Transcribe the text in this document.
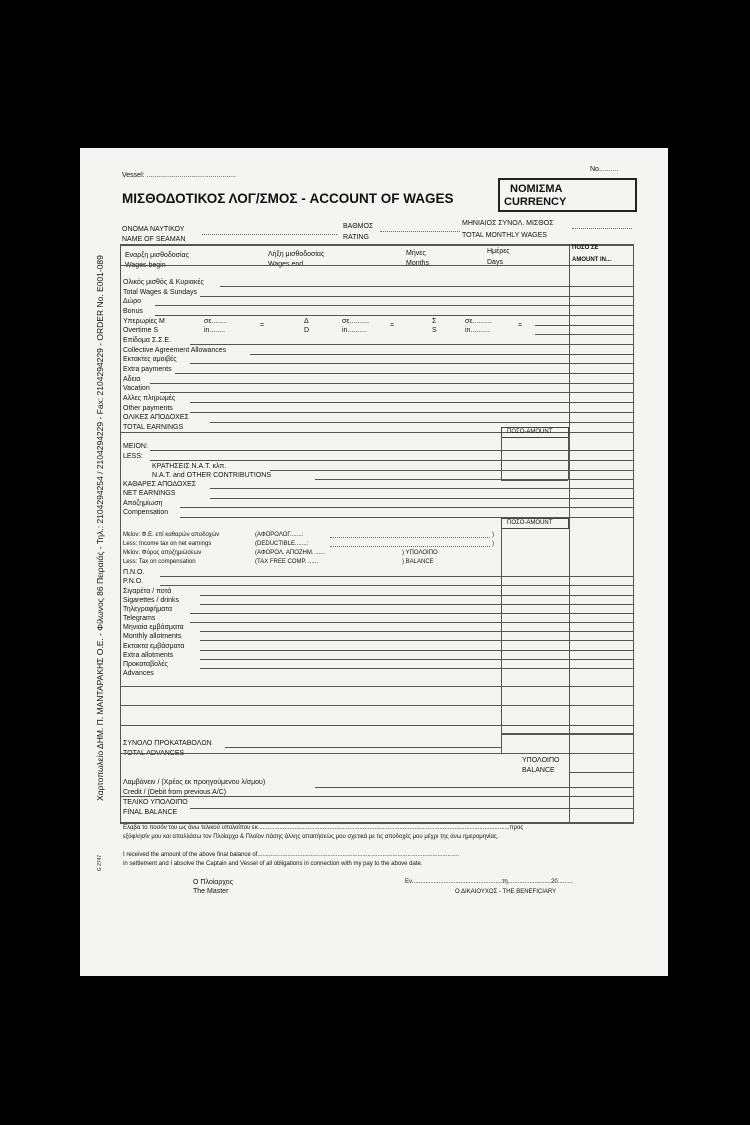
Χαρτοπωλείο ΔΗΜ. Π. ΜΑΝΤΑΡΑΚΗΣ Ο.Ε. - Φίλωνος 86 Πειραιάς - Τηλ.: 2104294254 / 2104294229 - Fax: 2104294229 - ORDER No. E001-089
G 2747
No..........
Vessel: ..............................................
ΜΙΣΘΟΔΟΤΙΚΟΣ ΛΟΓ/ΣΜΟΣ - ACCOUNT OF WAGES
ΝΟΜΙΣΜΑ
CURRENCY
ΟΝΟΜΑ ΝΑΥΤΙΚΟΥ
NAME OF SEAMAN
ΒΑΘΜΟΣ
RATING
ΜΗΝΙΑΙΟΣ ΣΥΝΟΛ. ΜΙΣΘΟΣ
TOTAL MONTHLY WAGES
Εναρξη μισθοδοσίας
Wages begin
Λήξη μισθοδοσίας
Wages end
Μήνες
Months
Ημέρες
Days
ΠΟΣΟ ΣΕ
AMOUNT IN...
Ολικός μισθός & Κυριακές
Total Wages & Sundays
Δώρο
Bonus
Υπερωρίες Μ
Overtime S
Επίδομα Σ.Σ.Ε.
Collective Agreement Allowances
Εκτακτες αμοιβές
Extra payments
Αδεια
Vacation
Αλλες πληρωμές
Other payments
ΟΛΙΚΕΣ ΑΠΟΔΟΧΕΣ
TOTAL EARNINGS
σε........
in........
=
Δ
D
σε..........
in..........
=
Σ
S
σε..........
in..........
=
ΠΟΣΟ-AMOUNT
ΜΕΙΟΝ:
LESS:
ΚΡΑΤΗΣΕΙΣ Ν.Α.Τ. κλπ.
N.A.T. and OTHER CONTRIBUTIONS
ΚΑΘΑΡΕΣ ΑΠΟΔΟΧΕΣ
NET EARNINGS
Αποζημίωση
Compensation
ΠΟΣΟ-AMOUNT
Μείον: Φ.Ε. επί καθαρών αποδοχών
Less: Income tax on net earnings
Μείον: Φόρος αποζημιώσεων
Less: Tax on compensation
(ΑΦΟΡΟΛΟΓ.......:
(DEDUCTIBLE.......:
(ΑΦΟΡΟΛ. ΑΠΟΖΗΜ. ......
(TAX FREE COMP. ......
)
)
) ΥΠΟΛΟΙΠΟ
) BALANCE
Π.Ν.Ο.
P.N.O.
Σιγαρέτα / ποτά
Sigarettes / drinks
Τηλεγραφήματα
Telegrams
Μηνιαία εμβάσματα
Monthly allotments
Εκτακτα εμβάσματα
Extra allotments
Προκαταβολές
Advances
ΣΥΝΟΛΟ ΠΡΟΚΑΤΑΒΟΛΩΝ
TOTAL ADVANCES
ΥΠΟΛΟΙΠΟ
BALANCE
Λαμβάνειν / (Χρέος εκ προηγούμενου λ/σμου)
Credit / (Debit from previous A/C)
ΤΕΛΙΚΟ ΥΠΟΛΟΙΠΟ
FINAL BALANCE
Ελαβα το ποσόν του ως άνω τελικού υπολοίπου εκ.......................................................................................................................................................προς
εξόφλησίν μου και απαλλάσω τον Πλοίαρχο & Πλοίον πάσης άλλης απαιτήσεώς μου σχετικά με τις αποδοχές μου μέχρι της άνω ημερομηνίας.
I received the amount of the above final balance of.........................................................................................................................
in settlement and I absolve the Captain and Vessel of all obligations in connection with my pay to the above date.
Ο Πλοίαρχος
The Master
Εν......................................................τη..........................20.........
Ο ΔΙΚΑΙΟΥΧΟΣ - THE BENEFICIARY
